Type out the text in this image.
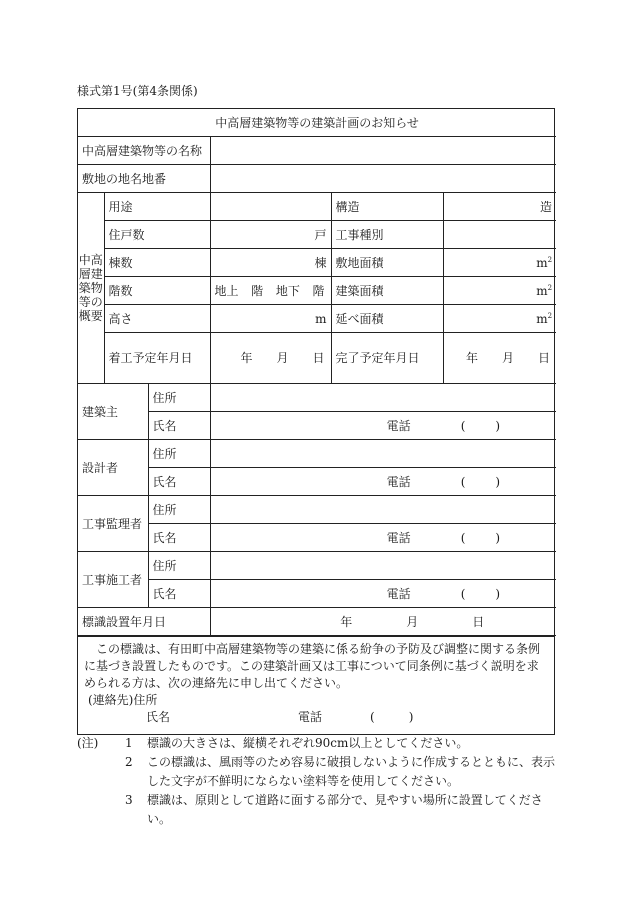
様式第1号(第4条関係)
中高層建築物等の建築計画のお知らせ					
中高層建築物等の名称					
敷地の地名地番					
中高層建築物等の概要	用途			構造	造
	住戸数		戸	工事種別	
	棟数		棟	敷地面積	$m^2$
	階数		地上 階 地下 階	建築面積	$m^2$
	高さ		m	延べ面積	$m^2$
	着工予定年月日		年 月 日	完了予定年月日	年 月 日

建築主		住所			
		氏名	電話 ( )		

設計者		住所			
		氏名	電話 ( )		

工事監理者		住所			
		氏名	電話 ( )		

工事施工者		住所			
		氏名	電話 ( )		

標識設置年月日			年 月 日		

この標識は、有田町中高層建築物等の建築に係る紛争の予防及び調整に関する条例に基づき設置したものです。この建築計画又は工事について同条例に基づく説明を求められる方は、次の連絡先に申し出てください。

(連絡先)住所
氏名	電話	(	)
(注)	1	標識の大きさは、縦横それぞれ90cm以上としてください。
2	この標識は、風雨等のため容易に破損しないように作成するとともに、表示した文字が不鮮明にならない塗料等を使用してください。
3	標識は、原則として道路に面する部分で、見やすい場所に設置してください。
